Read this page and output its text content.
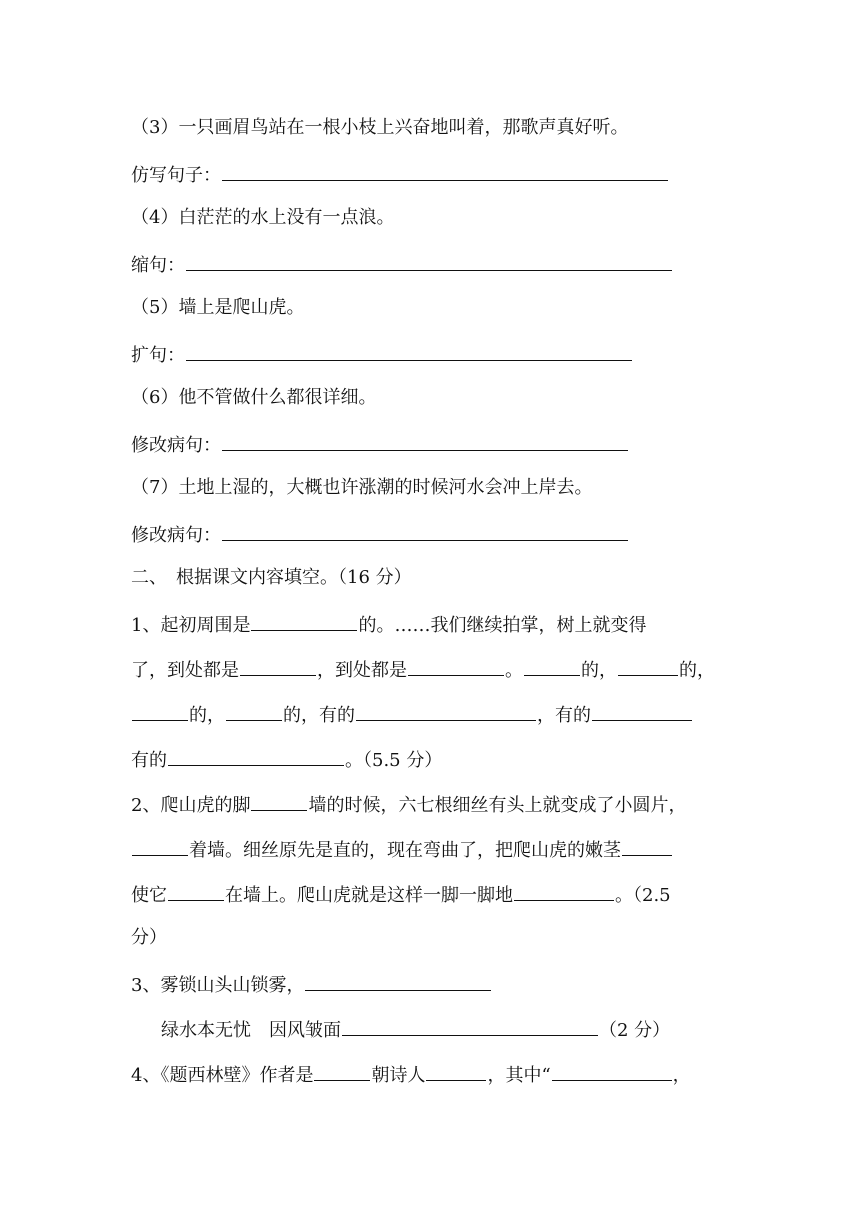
（3）一只画眉鸟站在一根小枝上兴奋地叫着，那歌声真好听。
仿写句子：
（4）白茫茫的水上没有一点浪。
缩句：
（5）墙上是爬山虎。
扩句：
（6）他不管做什么都很详细。
修改病句：
（7）土地上湿的，大概也许涨潮的时候河水会冲上岸去。
修改病句：
二、　根据课文内容填空。（16 分）
1、起初周围是	的。……我们继续拍掌，树上就变得
了，到处都是	，到处都是	。	的，	的，
的，	的，有的	，有的
有的	。（5.5 分）
2、爬山虎的脚	墙的时候，六七根细丝有头上就变成了小圆片，
着墙。细丝原先是直的，现在弯曲了，把爬山虎的嫩茎
使它	在墙上。爬山虎就是这样一脚一脚地	。（2.5
分）
3、雾锁山头山锁雾，
绿水本无忧　因风皱面	（2 分）
4、《题西林壁》作者是	朝诗人	，其中“	，
